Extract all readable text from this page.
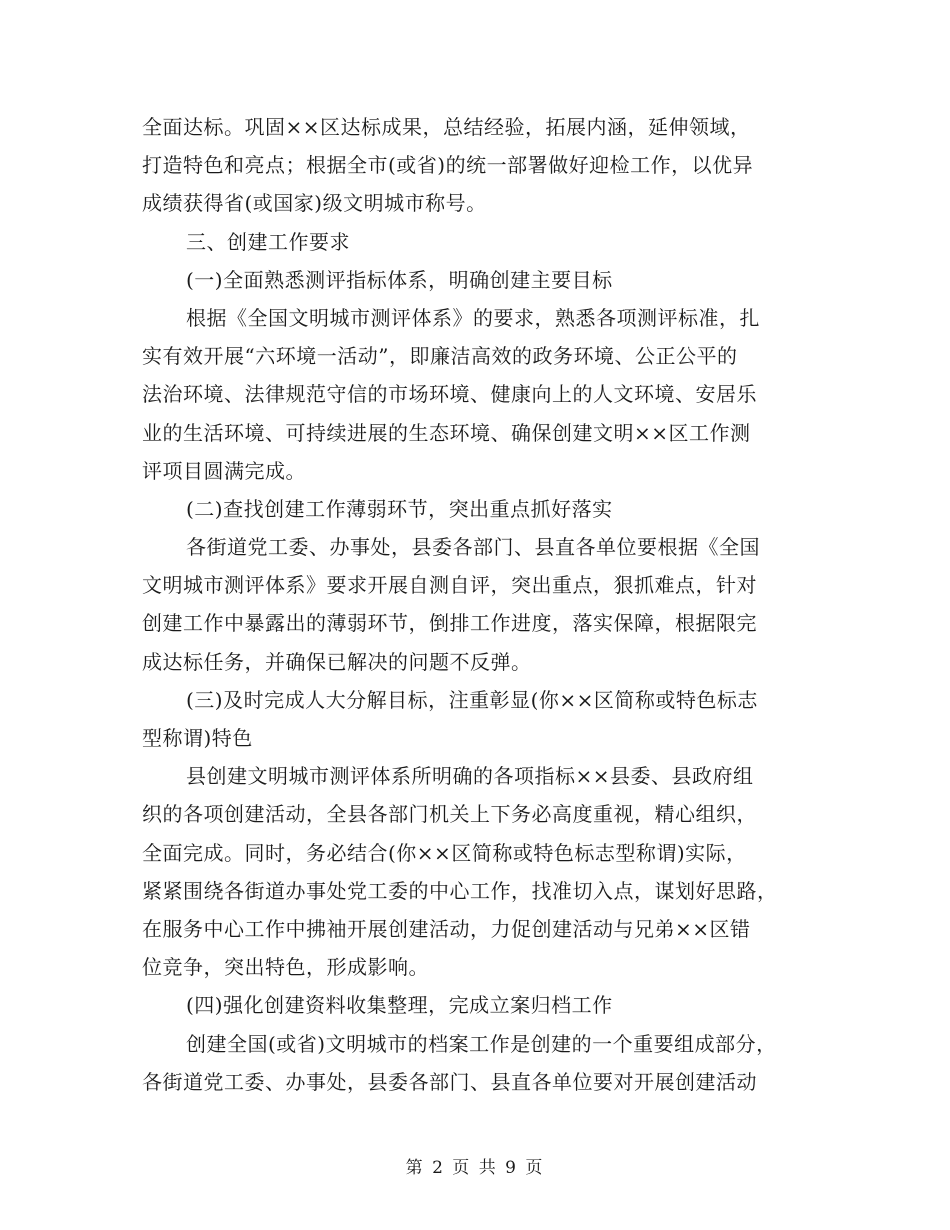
全面达标。巩固××区达标成果，总结经验，拓展内涵，延伸领域，
打造特色和亮点；根据全市(或省)的统一部署做好迎检工作，以优异
成绩获得省(或国家)级文明城市称号。
三、创建工作要求
(一)全面熟悉测评指标体系，明确创建主要目标
根据《全国文明城市测评体系》的要求，熟悉各项测评标准，扎
实有效开展“六环境一活动”，即廉洁高效的政务环境、公正公平的
法治环境、法律规范守信的市场环境、健康向上的人文环境、安居乐
业的生活环境、可持续进展的生态环境、确保创建文明××区工作测
评项目圆满完成。
(二)查找创建工作薄弱环节，突出重点抓好落实
各街道党工委、办事处，县委各部门、县直各单位要根据《全国
文明城市测评体系》要求开展自测自评，突出重点，狠抓难点，针对
创建工作中暴露出的薄弱环节，倒排工作进度，落实保障，根据限完
成达标任务，并确保已解决的问题不反弹。
(三)及时完成人大分解目标，注重彰显(你××区简称或特色标志
型称谓)特色
县创建文明城市测评体系所明确的各项指标××县委、县政府组
织的各项创建活动，全县各部门机关上下务必高度重视，精心组织，
全面完成。同时，务必结合(你××区简称或特色标志型称谓)实际，
紧紧围绕各街道办事处党工委的中心工作，找准切入点，谋划好思路，
在服务中心工作中拂袖开展创建活动，力促创建活动与兄弟××区错
位竞争，突出特色，形成影响。
(四)强化创建资料收集整理，完成立案归档工作
创建全国(或省)文明城市的档案工作是创建的一个重要组成部分，
各街道党工委、办事处，县委各部门、县直各单位要对开展创建活动
第 2 页 共 9 页
